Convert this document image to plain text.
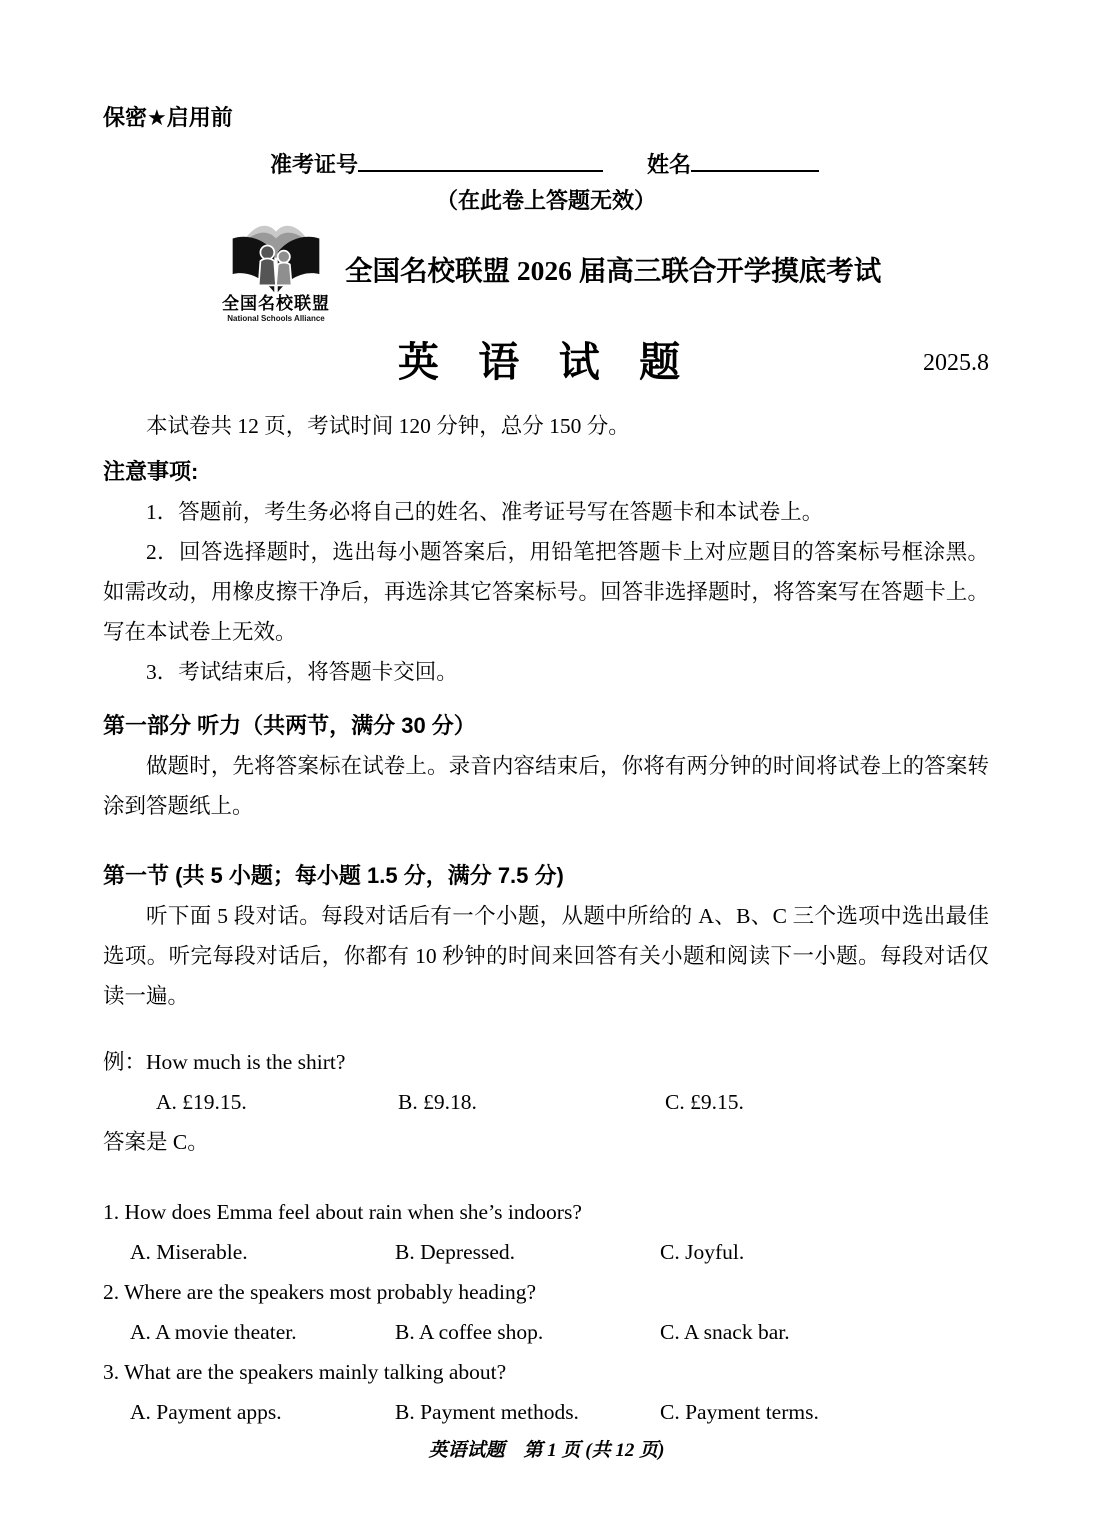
保密★启用前
准考证号	姓名
（在此卷上答题无效）
全国名校联盟
National Schools Alliance
全国名校联盟 2026 届高三联合开学摸底考试
英 语 试 题	2025.8
本试卷共 12 页，考试时间 120 分钟，总分 150 分。
注意事项:
1．答题前，考生务必将自己的姓名、准考证号写在答题卡和本试卷上。
2．回答选择题时，选出每小题答案后，用铅笔把答题卡上对应题目的答案标号框涂黑。如需改动，用橡皮擦干净后，再选涂其它答案标号。回答非选择题时，将答案写在答题卡上。写在本试卷上无效。
3．考试结束后，将答题卡交回。
第一部分 听力（共两节，满分 30 分）
做题时，先将答案标在试卷上。录音内容结束后，你将有两分钟的时间将试卷上的答案转涂到答题纸上。
第一节 (共 5 小题；每小题 1.5 分，满分 7.5 分)
听下面 5 段对话。每段对话后有一个小题，从题中所给的 A、B、C 三个选项中选出最佳选项。听完每段对话后，你都有 10 秒钟的时间来回答有关小题和阅读下一小题。每段对话仅读一遍。
例：How much is the shirt?
A. £19.15.	B. £9.18.	C. £9.15.
答案是 C。
1. How does Emma feel about rain when she’s indoors?
A. Miserable.	B. Depressed.	C. Joyful.
2. Where are the speakers most probably heading?
A. A movie theater.	B. A coffee shop.	C. A snack bar.
3. What are the speakers mainly talking about?
A. Payment apps.	B. Payment methods.	C. Payment terms.
英语试题　第 1 页 (共 12 页)
